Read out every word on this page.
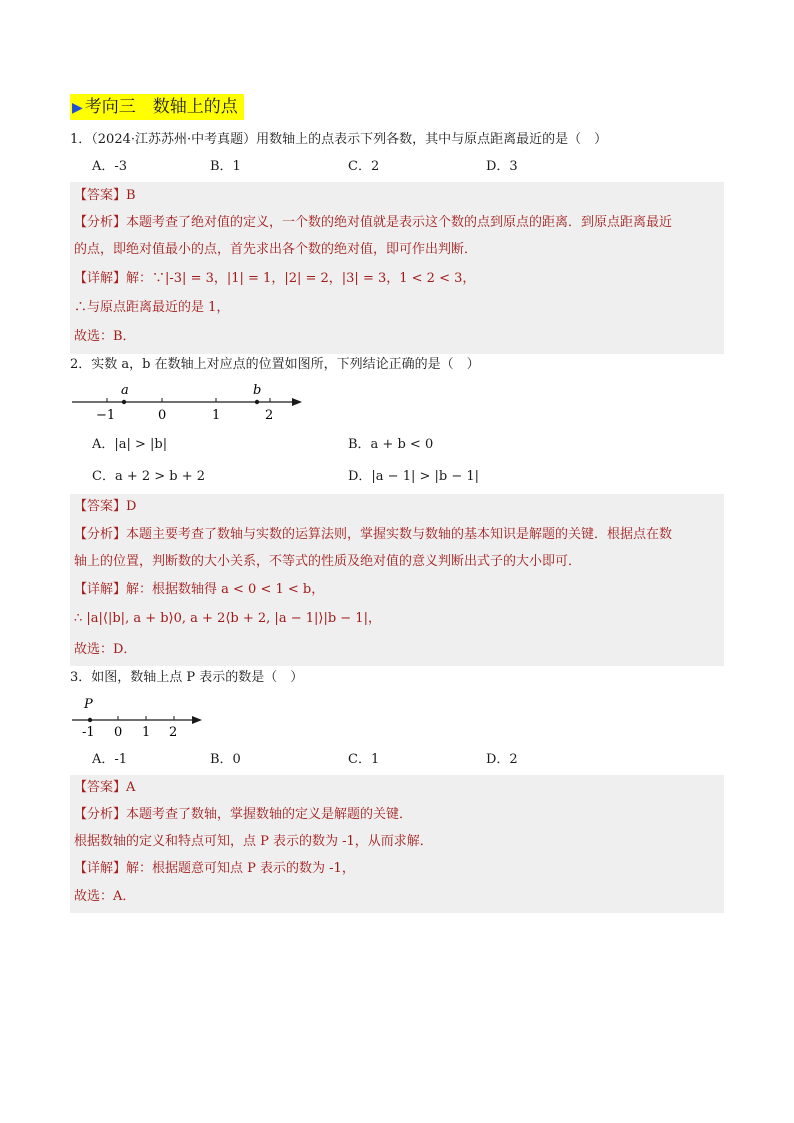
▶ 考向三　数轴上的点
1．（2024·江苏苏州·中考真题）用数轴上的点表示下列各数，其中与原点距离最近的是（　）
A．-3	B．1	C．2	D．3
【答案】B
【分析】本题考查了绝对值的定义，一个数的绝对值就是表示这个数的点到原点的距离．到原点距离最近
的点，即绝对值最小的点，首先求出各个数的绝对值，即可作出判断．
【详解】解：∵|-3| = 3，|1| = 1，|2| = 2，|3| = 3，1 < 2 < 3，
∴与原点距离最近的是 1，
故选：B．
2．实数 a，b 在数轴上对应点的位置如图所，下列结论正确的是（　）
a	b
−1	0	1	2
A．|a| > |b|	B．a + b < 0
C．a + 2 > b + 2	D．|a − 1| > |b − 1|
【答案】D
【分析】本题主要考查了数轴与实数的运算法则，掌握实数与数轴的基本知识是解题的关键．根据点在数
轴上的位置，判断数的大小关系，不等式的性质及绝对值的意义判断出式子的大小即可．
【详解】解：根据数轴得 a < 0 < 1 < b，
∴ |a|⟨|b|, a + b⟩0, a + 2⟨b + 2, |a − 1|⟩|b − 1|，
故选：D．
3．如图，数轴上点 P 表示的数是（　）
P
-1 0 1 2
A．-1	B．0	C．1	D．2
【答案】A
【分析】本题考查了数轴，掌握数轴的定义是解题的关键．
根据数轴的定义和特点可知，点 P 表示的数为 -1，从而求解．
【详解】解：根据题意可知点 P 表示的数为 -1，
故选：A．
